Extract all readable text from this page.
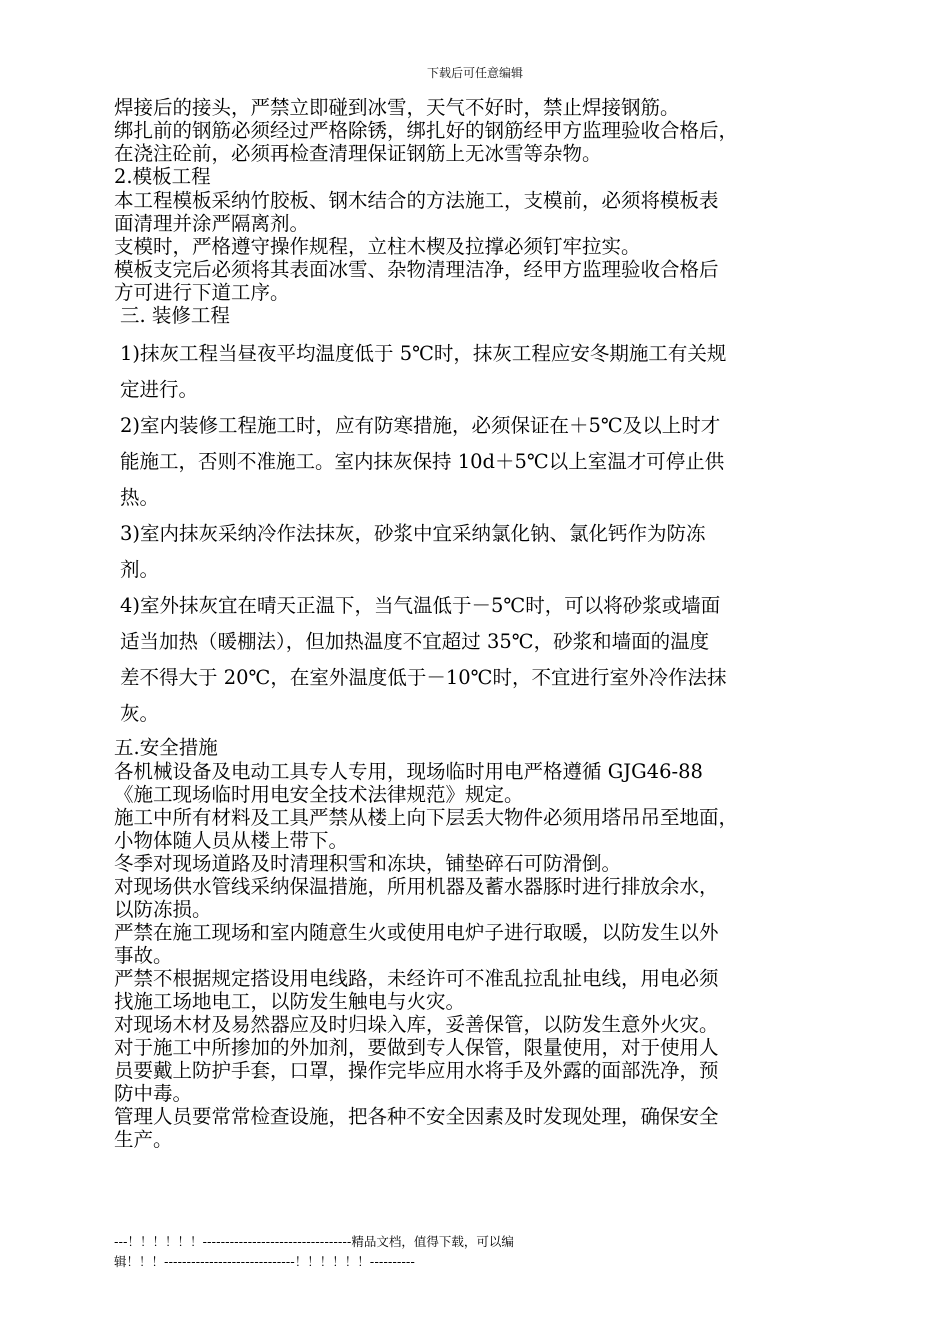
下载后可任意编辑

焊接后的接头，严禁立即碰到冰雪，天气不好时，禁止焊接钢筋。

绑扎前的钢筋必须经过严格除锈，绑扎好的钢筋经甲方监理验收合格后，

在浇注砼前，必须再检查清理保证钢筋上无冰雪等杂物。

2.模板工程

本工程模板采纳竹胶板、钢木结合的方法施工，支模前，必须将模板表

面清理并涂严隔离剂。

支模时，严格遵守操作规程，立柱木楔及拉撑必须钉牢拉实。

模板支完后必须将其表面冰雪、杂物清理洁净，经甲方监理验收合格后

方可进行下道工序。

三. 装修工程

1)抹灰工程当昼夜平均温度低于 5℃时，抹灰工程应安冬期施工有关规

定进行。

2)室内装修工程施工时，应有防寒措施，必须保证在＋5℃及以上时才

能施工，否则不准施工。室内抹灰保持 10d＋5℃以上室温才可停止供

热。

3)室内抹灰采纳冷作法抹灰，砂浆中宜采纳氯化钠、氯化钙作为防冻

剂。

4)室外抹灰宜在晴天正温下，当气温低于－5℃时，可以将砂浆或墙面

适当加热（暖棚法），但加热温度不宜超过 35℃，砂浆和墙面的温度

差不得大于 20℃，在室外温度低于－10℃时，不宜进行室外冷作法抹

灰。

五.安全措施

各机械设备及电动工具专人专用，现场临时用电严格遵循 GJG46-88

《施工现场临时用电安全技术法律规范》规定。

施工中所有材料及工具严禁从楼上向下层丢大物件必须用塔吊吊至地面，

小物体随人员从楼上带下。

冬季对现场道路及时清理积雪和冻块，铺垫碎石可防滑倒。

对现场供水管线采纳保温措施，所用机器及蓄水器豚时进行排放余水，

以防冻损。

严禁在施工现场和室内随意生火或使用电炉子进行取暖，以防发生以外

事故。

严禁不根据规定搭设用电线路，未经许可不准乱拉乱扯电线，用电必须

找施工场地电工，以防发生触电与火灾。

对现场木材及易然器应及时归垛入库，妥善保管，以防发生意外火灾。

对于施工中所掺加的外加剂，要做到专人保管，限量使用，对于使用人

员要戴上防护手套，口罩，操作完毕应用水将手及外露的面部洗净，预

防中毒。

管理人员要常常检查设施，把各种不安全因素及时发现处理，确保安全

生产。

---！！！！！！---------------------------------精品文档，值得下载，可以编
辑！！！-----------------------------！！！！！！----------
